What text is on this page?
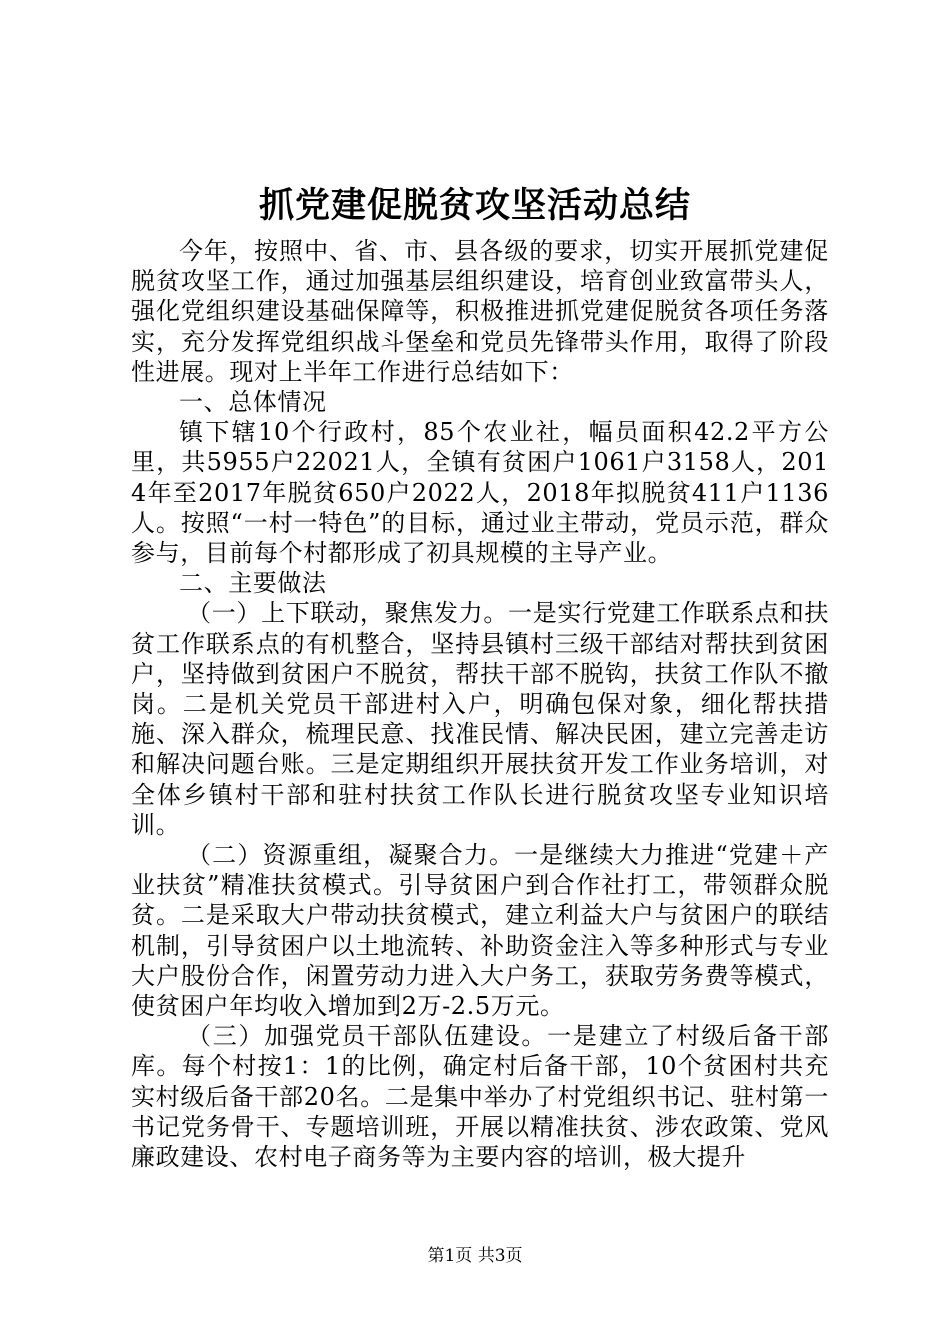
抓党建促脱贫攻坚活动总结

今年，按照中、省、市、县各级的要求，切实开展抓党建促脱贫攻坚工作，通过加强基层组织建设，培育创业致富带头人，强化党组织建设基础保障等，积极推进抓党建促脱贫各项任务落实，充分发挥党组织战斗堡垒和党员先锋带头作用，取得了阶段性进展。现对上半年工作进行总结如下：

一、总体情况

镇下辖10个行政村，85个农业社，幅员面积42.2平方公里，共5955户22021人，全镇有贫困户1061户3158人，2014年至2017年脱贫650户2022人，2018年拟脱贫411户1136人。按照“一村一特色”的目标，通过业主带动，党员示范，群众参与，目前每个村都形成了初具规模的主导产业。

二、主要做法

（一）上下联动，聚焦发力。一是实行党建工作联系点和扶贫工作联系点的有机整合，坚持县镇村三级干部结对帮扶到贫困户，坚持做到贫困户不脱贫，帮扶干部不脱钩，扶贫工作队不撤岗。二是机关党员干部进村入户，明确包保对象，细化帮扶措施、深入群众，梳理民意、找准民情、解决民困，建立完善走访和解决问题台账。三是定期组织开展扶贫开发工作业务培训，对全体乡镇村干部和驻村扶贫工作队长进行脱贫攻坚专业知识培训。

（二）资源重组，凝聚合力。一是继续大力推进“党建＋产业扶贫”精准扶贫模式。引导贫困户到合作社打工，带领群众脱贫。二是采取大户带动扶贫模式，建立利益大户与贫困户的联结机制，引导贫困户以土地流转、补助资金注入等多种形式与专业大户股份合作，闲置劳动力进入大户务工，获取劳务费等模式，使贫困户年均收入增加到2万-2.5万元。

（三）加强党员干部队伍建设。一是建立了村级后备干部库。每个村按1：1的比例，确定村后备干部，10个贫困村共充实村级后备干部20名。二是集中举办了村党组织书记、驻村第一书记党务骨干、专题培训班，开展以精准扶贫、涉农政策、党风廉政建设、农村电子商务等为主要内容的培训，极大提升

第1页 共3页
